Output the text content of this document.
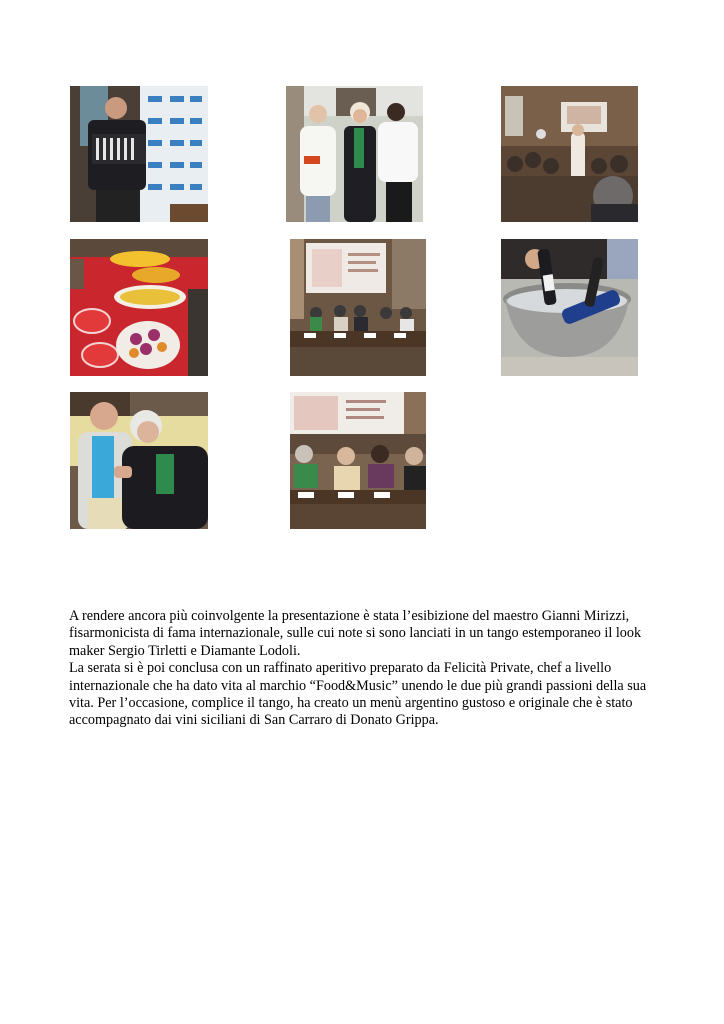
A rendere ancora più coinvolgente la presentazione è stata l’esibizione del maestro Gianni Mirizzi, fisarmonicista di fama internazionale, sulle cui note si sono lanciati in un tango estemporaneo il look maker Sergio Tirletti e Diamante Lodoli.

La serata si è poi conclusa con un raffinato aperitivo preparato da Felicità Private, chef a livello internazionale che ha dato vita al marchio “Food&Music” unendo le due più grandi passioni della sua vita. Per l’occasione, complice il tango, ha creato un menù argentino gustoso e originale che è stato accompagnato dai vini siciliani di San Carraro di Donato Grippa.
